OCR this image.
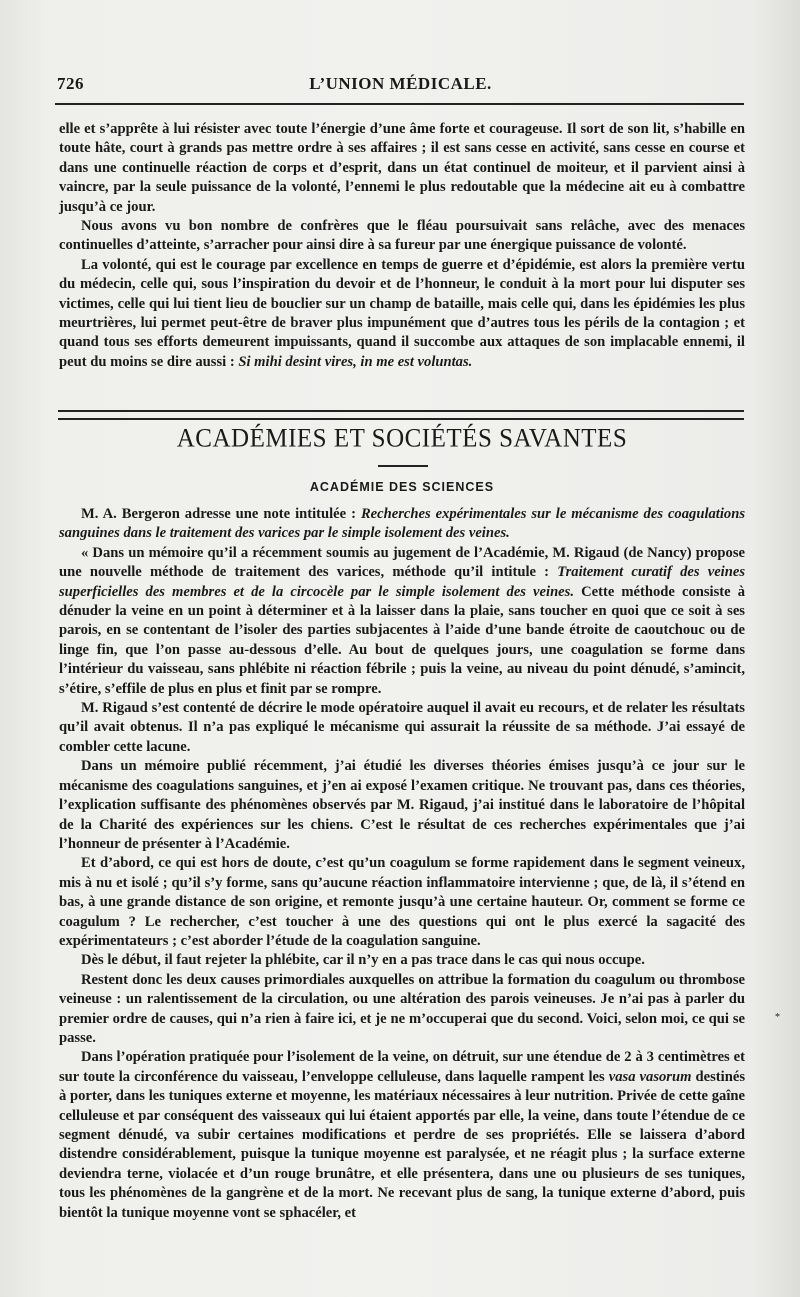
726	L’UNION MÉDICALE.

elle et s’apprête à lui résister avec toute l’énergie d’une âme forte et courageuse. Il sort de son lit, s’habille en toute hâte, court à grands pas mettre ordre à ses affaires ; il est sans cesse en activité, sans cesse en course et dans une continuelle réaction de corps et d’esprit, dans un état continuel de moiteur, et il parvient ainsi à vaincre, par la seule puissance de la volonté, l’ennemi le plus redoutable que la médecine ait eu à combattre jusqu’à ce jour.

Nous avons vu bon nombre de confrères que le fléau poursuivait sans relâche, avec des menaces continuelles d’atteinte, s’arracher pour ainsi dire à sa fureur par une énergique puissance de volonté.

La volonté, qui est le courage par excellence en temps de guerre et d’épidémie, est alors la première vertu du médecin, celle qui, sous l’inspiration du devoir et de l’honneur, le conduit à la mort pour lui disputer ses victimes, celle qui lui tient lieu de bouclier sur un champ de bataille, mais celle qui, dans les épidémies les plus meurtrières, lui permet peut-être de braver plus impunément que d’autres tous les périls de la contagion ; et quand tous ses efforts demeurent impuissants, quand il succombe aux attaques de son implacable ennemi, il peut du moins se dire aussi : Si mihi desint vires, in me est voluntas.

ACADÉMIES ET SOCIÉTÉS SAVANTES
ACADÉMIE DES SCIENCES

M. A. Bergeron adresse une note intitulée : Recherches expérimentales sur le mécanisme des coagulations sanguines dans le traitement des varices par le simple isolement des veines.

« Dans un mémoire qu’il a récemment soumis au jugement de l’Académie, M. Rigaud (de Nancy) propose une nouvelle méthode de traitement des varices, méthode qu’il intitule : Traitement curatif des veines superficielles des membres et de la circocèle par le simple isolement des veines. Cette méthode consiste à dénuder la veine en un point à déterminer et à la laisser dans la plaie, sans toucher en quoi que ce soit à ses parois, en se contentant de l’isoler des parties subjacentes à l’aide d’une bande étroite de caoutchouc ou de linge fin, que l’on passe au-dessous d’elle. Au bout de quelques jours, une coagulation se forme dans l’intérieur du vaisseau, sans phlébite ni réaction fébrile ; puis la veine, au niveau du point dénudé, s’amincit, s’étire, s’effile de plus en plus et finit par se rompre.

M. Rigaud s’est contenté de décrire le mode opératoire auquel il avait eu recours, et de relater les résultats qu’il avait obtenus. Il n’a pas expliqué le mécanisme qui assurait la réussite de sa méthode. J’ai essayé de combler cette lacune.

Dans un mémoire publié récemment, j’ai étudié les diverses théories émises jusqu’à ce jour sur le mécanisme des coagulations sanguines, et j’en ai exposé l’examen critique. Ne trouvant pas, dans ces théories, l’explication suffisante des phénomènes observés par M. Rigaud, j’ai institué dans le laboratoire de l’hôpital de la Charité des expériences sur les chiens. C’est le résultat de ces recherches expérimentales que j’ai l’honneur de présenter à l’Académie.

Et d’abord, ce qui est hors de doute, c’est qu’un coagulum se forme rapidement dans le segment veineux, mis à nu et isolé ; qu’il s’y forme, sans qu’aucune réaction inflammatoire intervienne ; que, de là, il s’étend en bas, à une grande distance de son origine, et remonte jusqu’à une certaine hauteur. Or, comment se forme ce coagulum ? Le rechercher, c’est toucher à une des questions qui ont le plus exercé la sagacité des expérimentateurs ; c’est aborder l’étude de la coagulation sanguine.

Dès le début, il faut rejeter la phlébite, car il n’y en a pas trace dans le cas qui nous occupe.

Restent donc les deux causes primordiales auxquelles on attribue la formation du coagulum ou thrombose veineuse : un ralentissement de la circulation, ou une altération des parois veineuses. Je n’ai pas à parler du premier ordre de causes, qui n’a rien à faire ici, et je ne m’occuperai que du second. Voici, selon moi, ce qui se passe.

Dans l’opération pratiquée pour l’isolement de la veine, on détruit, sur une étendue de 2 à 3 centimètres et sur toute la circonférence du vaisseau, l’enveloppe celluleuse, dans laquelle rampent les vasa vasorum destinés à porter, dans les tuniques externe et moyenne, les matériaux nécessaires à leur nutrition. Privée de cette gaîne celluleuse et par conséquent des vaisseaux qui lui étaient apportés par elle, la veine, dans toute l’étendue de ce segment dénudé, va subir certaines modifications et perdre de ses propriétés. Elle se laissera d’abord distendre considérablement, puisque la tunique moyenne est paralysée, et ne réagit plus ; la surface externe deviendra terne, violacée et d’un rouge brunâtre, et elle présentera, dans une ou plusieurs de ses tuniques, tous les phénomènes de la gangrène et de la mort. Ne recevant plus de sang, la tunique externe d’abord, puis bientôt la tunique moyenne vont se sphacéler, et

*
